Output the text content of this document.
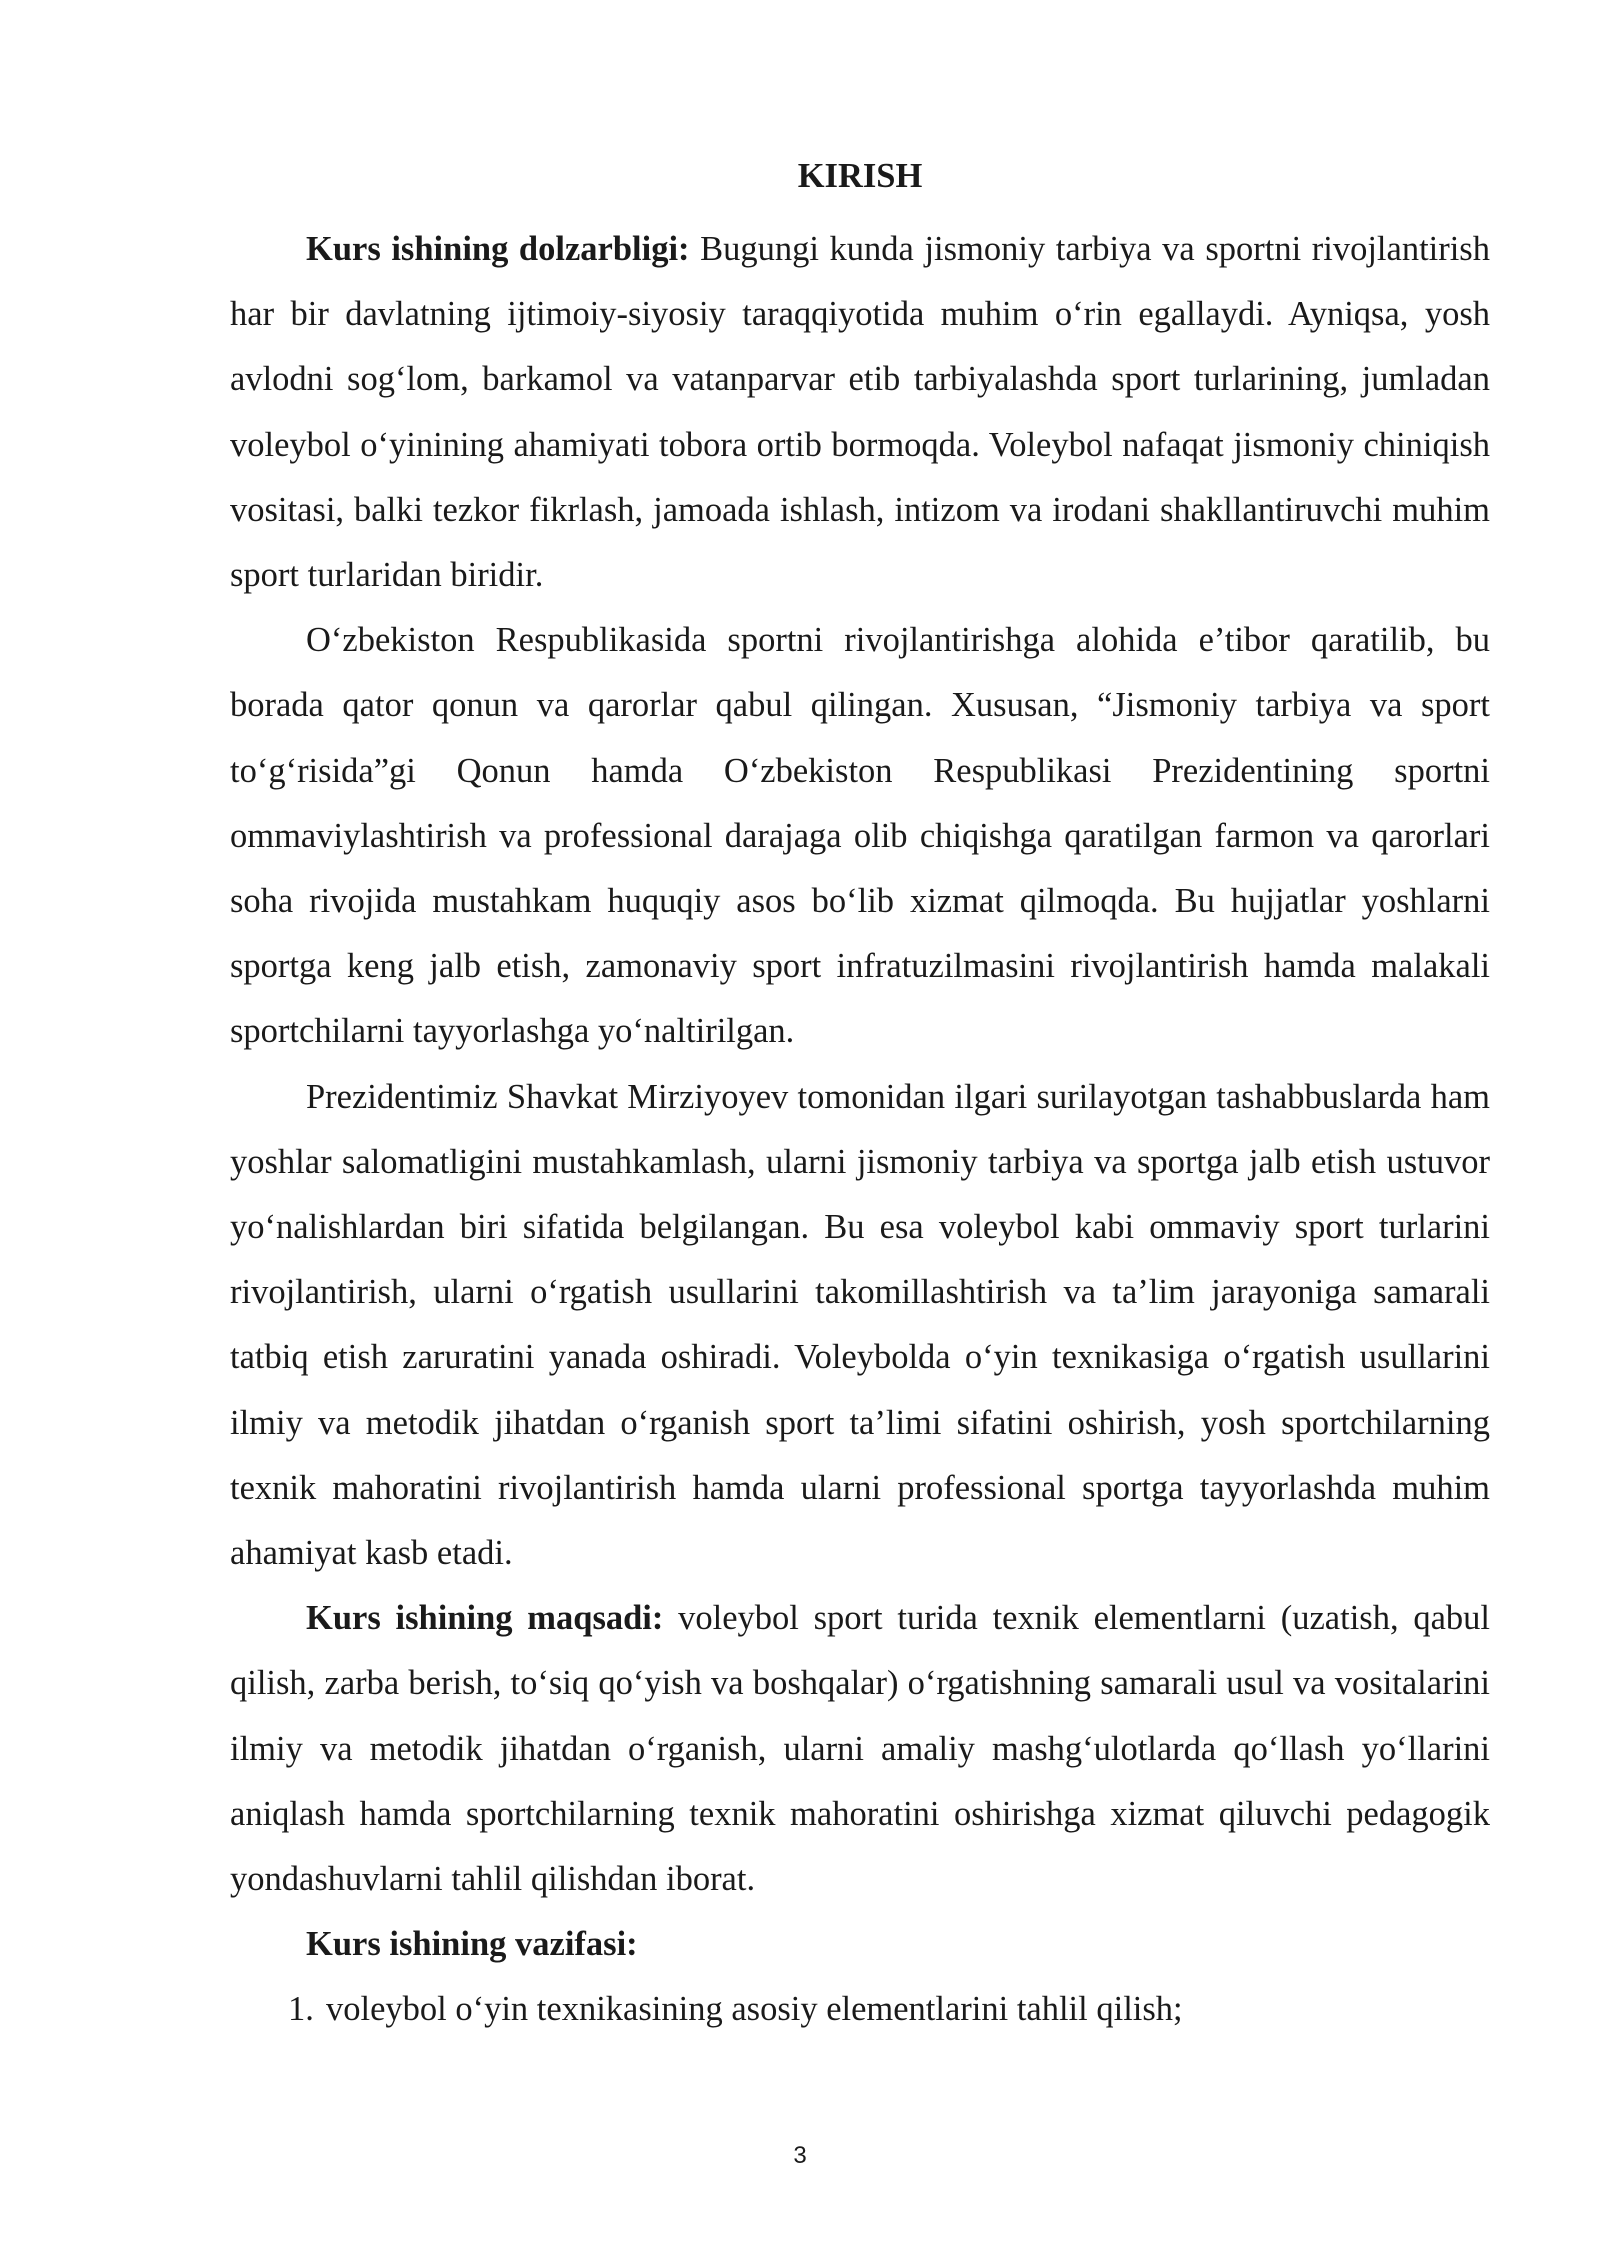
KIRISH

Kurs ishining dolzarbligi: Bugungi kunda jismoniy tarbiya va sportni rivojlantirish har bir davlatning ijtimoiy-siyosiy taraqqiyotida muhim o‘rin egallaydi. Ayniqsa, yosh avlodni sog‘lom, barkamol va vatanparvar etib tarbiyalashda sport turlarining, jumladan voleybol o‘yinining ahamiyati tobora ortib bormoqda. Voleybol nafaqat jismoniy chiniqish vositasi, balki tezkor fikrlash, jamoada ishlash, intizom va irodani shakllantiruvchi muhim sport turlaridan biridir.

O‘zbekiston Respublikasida sportni rivojlantirishga alohida e’tibor qaratilib, bu borada qator qonun va qarorlar qabul qilingan. Xususan, “Jismoniy tarbiya va sport to‘g‘risida”gi Qonun hamda O‘zbekiston Respublikasi Prezidentining sportni ommaviylashtirish va professional darajaga olib chiqishga qaratilgan farmon va qarorlari soha rivojida mustahkam huquqiy asos bo‘lib xizmat qilmoqda. Bu hujjatlar yoshlarni sportga keng jalb etish, zamonaviy sport infratuzilmasini rivojlantirish hamda malakali sportchilarni tayyorlashga yo‘naltirilgan.

Prezidentimiz Shavkat Mirziyoyev tomonidan ilgari surilayotgan tashabbuslarda ham yoshlar salomatligini mustahkamlash, ularni jismoniy tarbiya va sportga jalb etish ustuvor yo‘nalishlardan biri sifatida belgilangan. Bu esa voleybol kabi ommaviy sport turlarini rivojlantirish, ularni o‘rgatish usullarini takomillashtirish va ta’lim jarayoniga samarali tatbiq etish zaruratini yanada oshiradi. Voleybolda o‘yin texnikasiga o‘rgatish usullarini ilmiy va metodik jihatdan o‘rganish sport ta’limi sifatini oshirish, yosh sportchilarning texnik mahoratini rivojlantirish hamda ularni professional sportga tayyorlashda muhim ahamiyat kasb etadi.

Kurs ishining maqsadi: voleybol sport turida texnik elementlarni (uzatish, qabul qilish, zarba berish, to‘siq qo‘yish va boshqalar) o‘rgatishning samarali usul va vositalarini ilmiy va metodik jihatdan o‘rganish, ularni amaliy mashg‘ulotlarda qo‘llash yo‘llarini aniqlash hamda sportchilarning texnik mahoratini oshirishga xizmat qiluvchi pedagogik yondashuvlarni tahlil qilishdan iborat.

Kurs ishining vazifasi:

1. voleybol o‘yin texnikasining asosiy elementlarini tahlil qilish;
3
